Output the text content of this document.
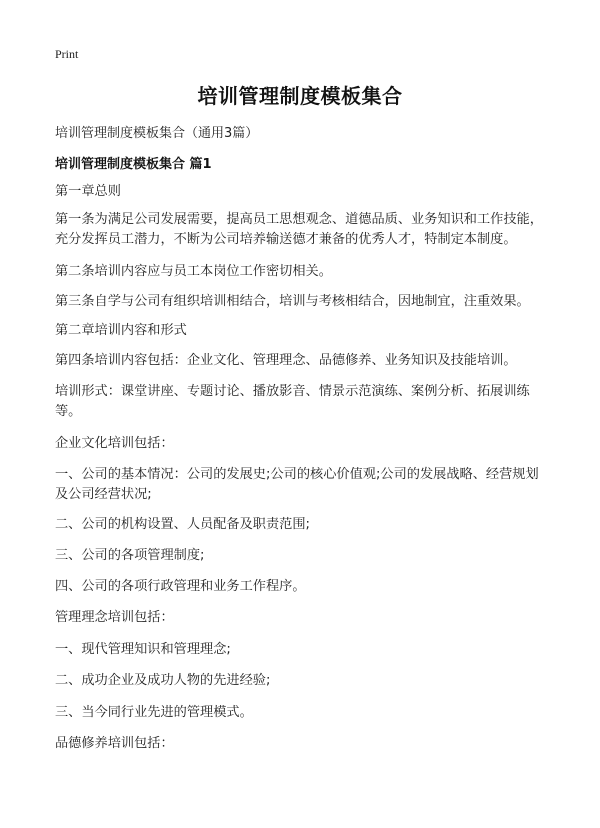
Print
培训管理制度模板集合
培训管理制度模板集合（通用3篇）
培训管理制度模板集合 篇1
第一章总则
第一条为满足公司发展需要，提高员工思想观念、道德品质、业务知识和工作技能，充分发挥员工潜力，不断为公司培养输送德才兼备的优秀人才，特制定本制度。
第二条培训内容应与员工本岗位工作密切相关。
第三条自学与公司有组织培训相结合，培训与考核相结合，因地制宜，注重效果。
第二章培训内容和形式
第四条培训内容包括：企业文化、管理理念、品德修养、业务知识及技能培训。
培训形式：课堂讲座、专题讨论、播放影音、情景示范演练、案例分析、拓展训练等。
企业文化培训包括：
一、公司的基本情况：公司的发展史;公司的核心价值观;公司的发展战略、经营规划及公司经营状况;
二、公司的机构设置、人员配备及职责范围;
三、公司的各项管理制度;
四、公司的各项行政管理和业务工作程序。
管理理念培训包括：
一、现代管理知识和管理理念;
二、成功企业及成功人物的先进经验;
三、当今同行业先进的管理模式。
品德修养培训包括：
